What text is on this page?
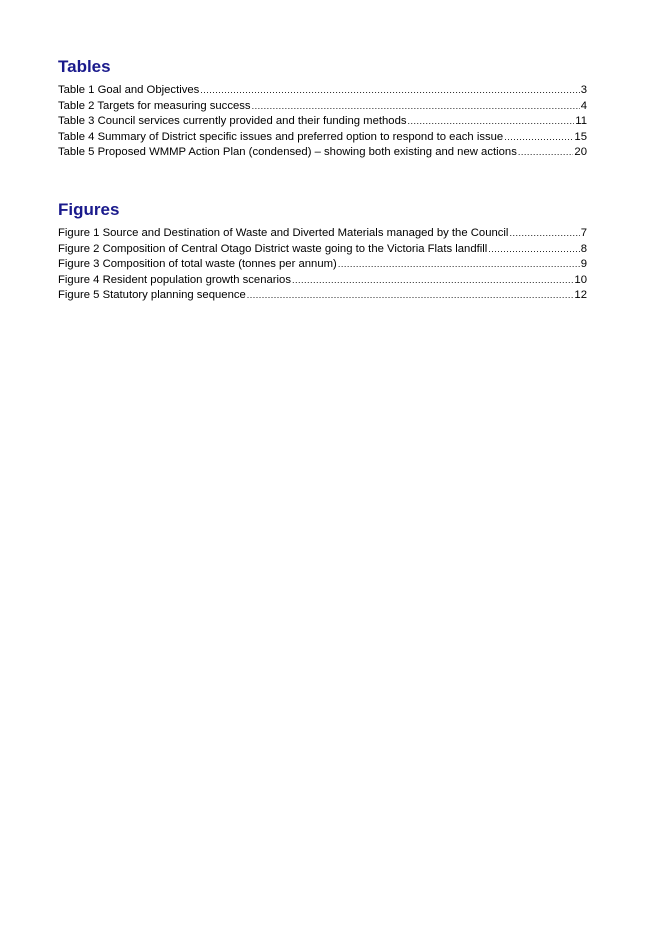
Tables
Table 1 Goal and Objectives .....	3
Table 2 Targets for measuring success .....	4
Table 3 Council services currently provided and their funding methods .....	11
Table 4 Summary of District specific issues and preferred option to respond to each issue .....	15
Table 5 Proposed WMMP Action Plan (condensed) – showing both existing and new actions .....	20
Figures
Figure 1 Source and Destination of Waste and Diverted Materials managed by the Council .....	7
Figure 2 Composition of Central Otago District waste going to the Victoria Flats landfill .....	8
Figure 3 Composition of total waste (tonnes per annum) .....	9
Figure 4 Resident population growth scenarios .....	10
Figure 5 Statutory planning sequence .....	12
